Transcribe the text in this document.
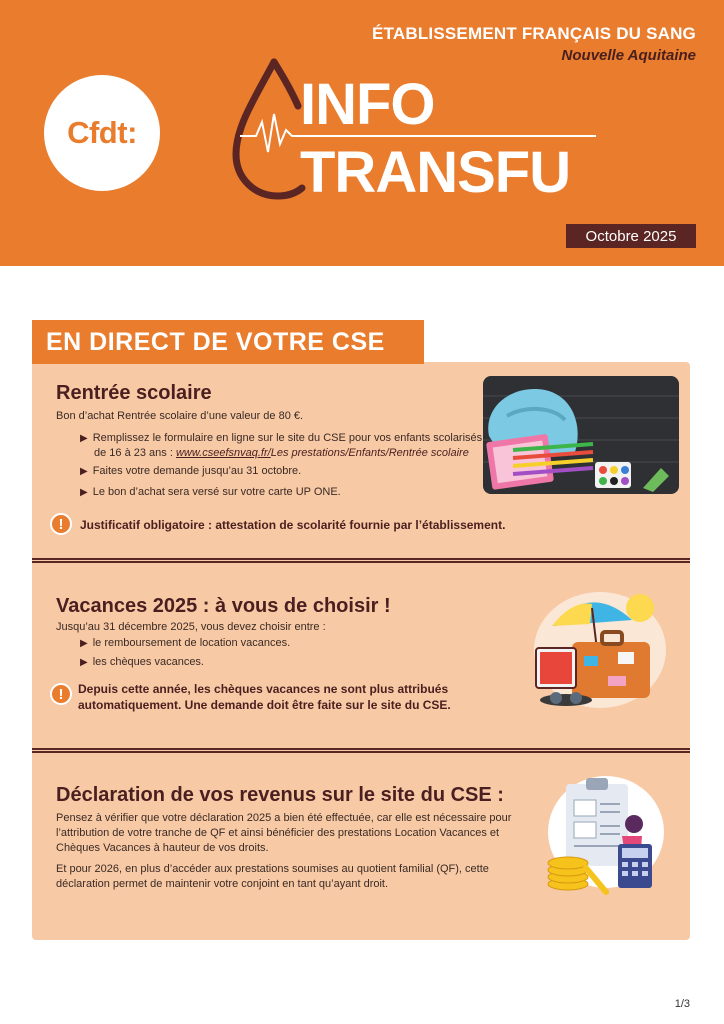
ÉTABLISSEMENT FRANÇAIS DU SANG
Nouvelle Aquitaine
Cfdt:	INFO
TRANSFU
Octobre 2025
EN DIRECT DE VOTRE CSE
Rentrée scolaire
Bon d’achat Rentrée scolaire d’une valeur de 80 €.
▶ Remplissez le formulaire en ligne sur le site du CSE pour vos enfants scolarisés
de 16 à 23 ans : www.cseefsnvaq.fr/Les prestations/Enfants/Rentrée scolaire
▶ Faites votre demande jusqu’au 31 octobre.
▶ Le bon d’achat sera versé sur votre carte UP ONE.
!	Justificatif obligatoire : attestation de scolarité fournie par l’établissement.
Vacances 2025 : à vous de choisir !
Jusqu’au 31 décembre 2025, vous devez choisir entre :
▶ le remboursement de location vacances.
▶ les chèques vacances.
!	Depuis cette année, les chèques vacances ne sont plus attribués
automatiquement. Une demande doit être faite sur le site du CSE.
Déclaration de vos revenus sur le site du CSE :
Pensez à vérifier que votre déclaration 2025 a bien été effectuée, car elle est nécessaire pour
l’attribution de votre tranche de QF et ainsi bénéficier des prestations Location Vacances et
Chèques Vacances à hauteur de vos droits.
Et pour 2026, en plus d’accéder aux prestations soumises au quotient familial (QF), cette
déclaration permet de maintenir votre conjoint en tant qu’ayant droit.
1/3
